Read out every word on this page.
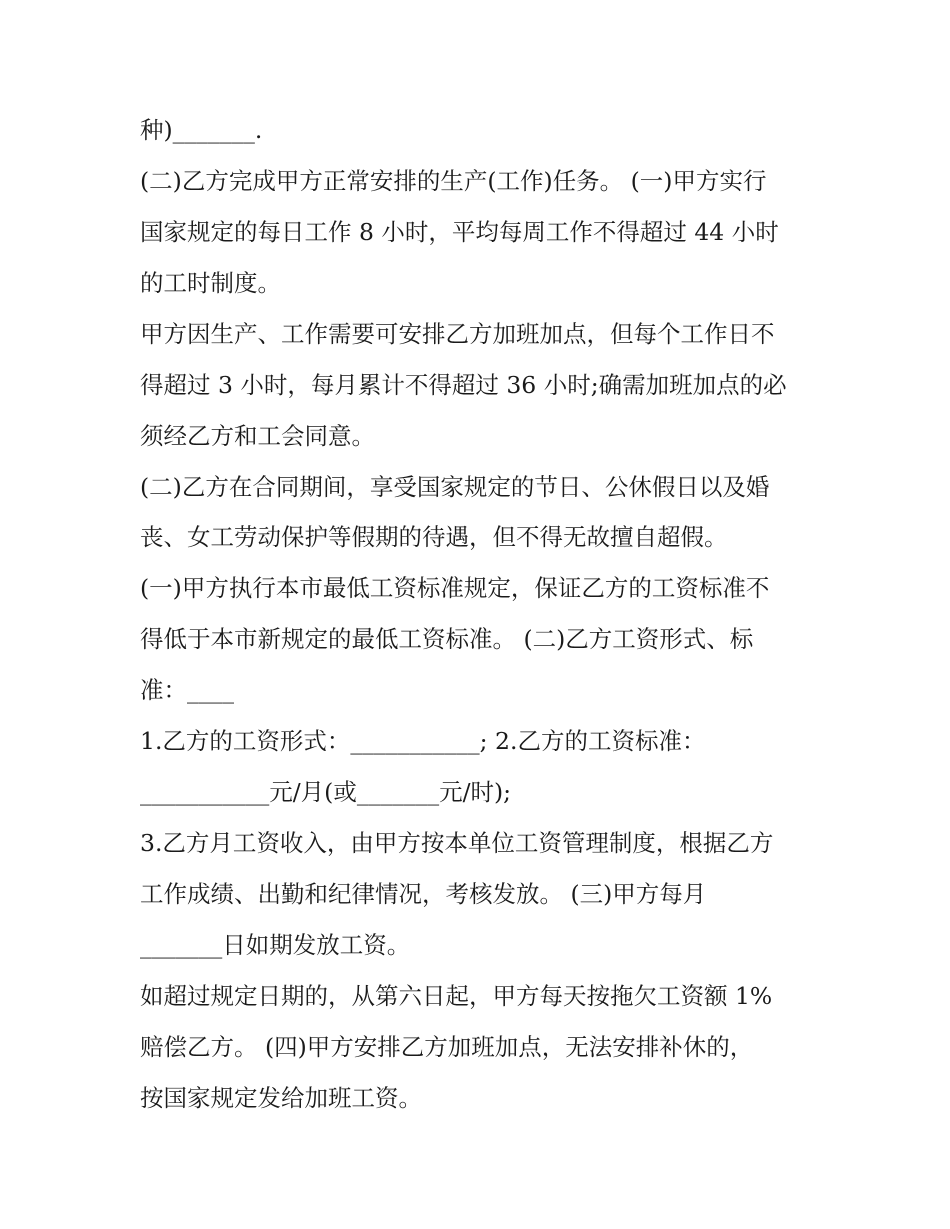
种)_______.
(二)乙方完成甲方正常安排的生产(工作)任务。 (一)甲方实行
国家规定的每日工作 8 小时，平均每周工作不得超过 44 小时
的工时制度。
甲方因生产、工作需要可安排乙方加班加点，但每个工作日不
得超过 3 小时，每月累计不得超过 36 小时;确需加班加点的必
须经乙方和工会同意。
(二)乙方在合同期间，享受国家规定的节日、公休假日以及婚
丧、女工劳动保护等假期的待遇，但不得无故擅自超假。
(一)甲方执行本市最低工资标准规定，保证乙方的工资标准不
得低于本市新规定的最低工资标准。 (二)乙方工资形式、标
准：____
1.乙方的工资形式：___________; 2.乙方的工资标准：
___________元/月(或_______元/时);
3.乙方月工资收入，由甲方按本单位工资管理制度，根据乙方
工作成绩、出勤和纪律情况，考核发放。 (三)甲方每月
_______日如期发放工资。
如超过规定日期的，从第六日起，甲方每天按拖欠工资额 1%
赔偿乙方。 (四)甲方安排乙方加班加点，无法安排补休的，
按国家规定发给加班工资。
